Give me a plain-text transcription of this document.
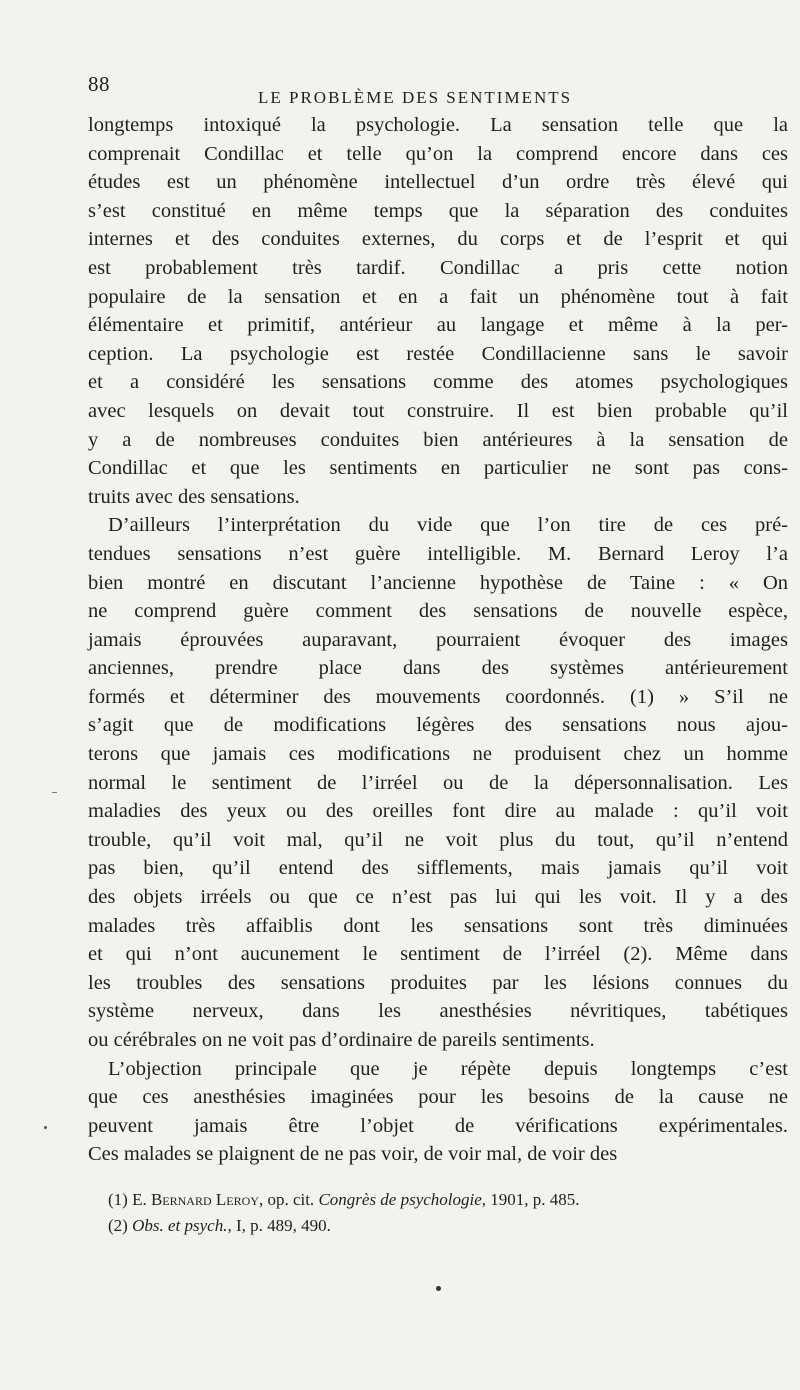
88
LE PROBLÈME DES SENTIMENTS
longtemps intoxiqué la psychologie. La sensation telle que la
comprenait Condillac et telle qu’on la comprend encore dans ces
études est un phénomène intellectuel d’un ordre très élevé qui
s’est constitué en même temps que la séparation des conduites
internes et des conduites externes, du corps et de l’esprit et qui
est probablement très tardif. Condillac a pris cette notion
populaire de la sensation et en a fait un phénomène tout à fait
élémentaire et primitif, antérieur au langage et même à la per-
ception. La psychologie est restée Condillacienne sans le savoir
et a considéré les sensations comme des atomes psychologiques
avec lesquels on devait tout construire. Il est bien probable qu’il
y a de nombreuses conduites bien antérieures à la sensation de
Condillac et que les sentiments en particulier ne sont pas cons-
truits avec des sensations.
D’ailleurs l’interprétation du vide que l’on tire de ces pré-
tendues sensations n’est guère intelligible. M. Bernard Leroy l’a
bien montré en discutant l’ancienne hypothèse de Taine : « On
ne comprend guère comment des sensations de nouvelle espèce,
jamais éprouvées auparavant, pourraient évoquer des images
anciennes, prendre place dans des systèmes antérieurement
formés et déterminer des mouvements coordonnés. (1) » S’il ne
s’agit que de modifications légères des sensations nous ajou-
terons que jamais ces modifications ne produisent chez un homme
normal le sentiment de l’irréel ou de la dépersonnalisation. Les
maladies des yeux ou des oreilles font dire au malade : qu’il voit
trouble, qu’il voit mal, qu’il ne voit plus du tout, qu’il n’entend
pas bien, qu’il entend des sifflements, mais jamais qu’il voit
des objets irréels ou que ce n’est pas lui qui les voit. Il y a des
malades très affaiblis dont les sensations sont très diminuées
et qui n’ont aucunement le sentiment de l’irréel (2). Même dans
les troubles des sensations produites par les lésions connues du
système nerveux, dans les anesthésies névritiques, tabétiques
ou cérébrales on ne voit pas d’ordinaire de pareils sentiments.
L’objection principale que je répète depuis longtemps c’est
que ces anesthésies imaginées pour les besoins de la cause ne
peuvent jamais être l’objet de vérifications expérimentales.
Ces malades se plaignent de ne pas voir, de voir mal, de voir des
(1) E. Bernard Leroy, op. cit. Congrès de psychologie, 1901, p. 485.
(2) Obs. et psych., I, p. 489, 490.
